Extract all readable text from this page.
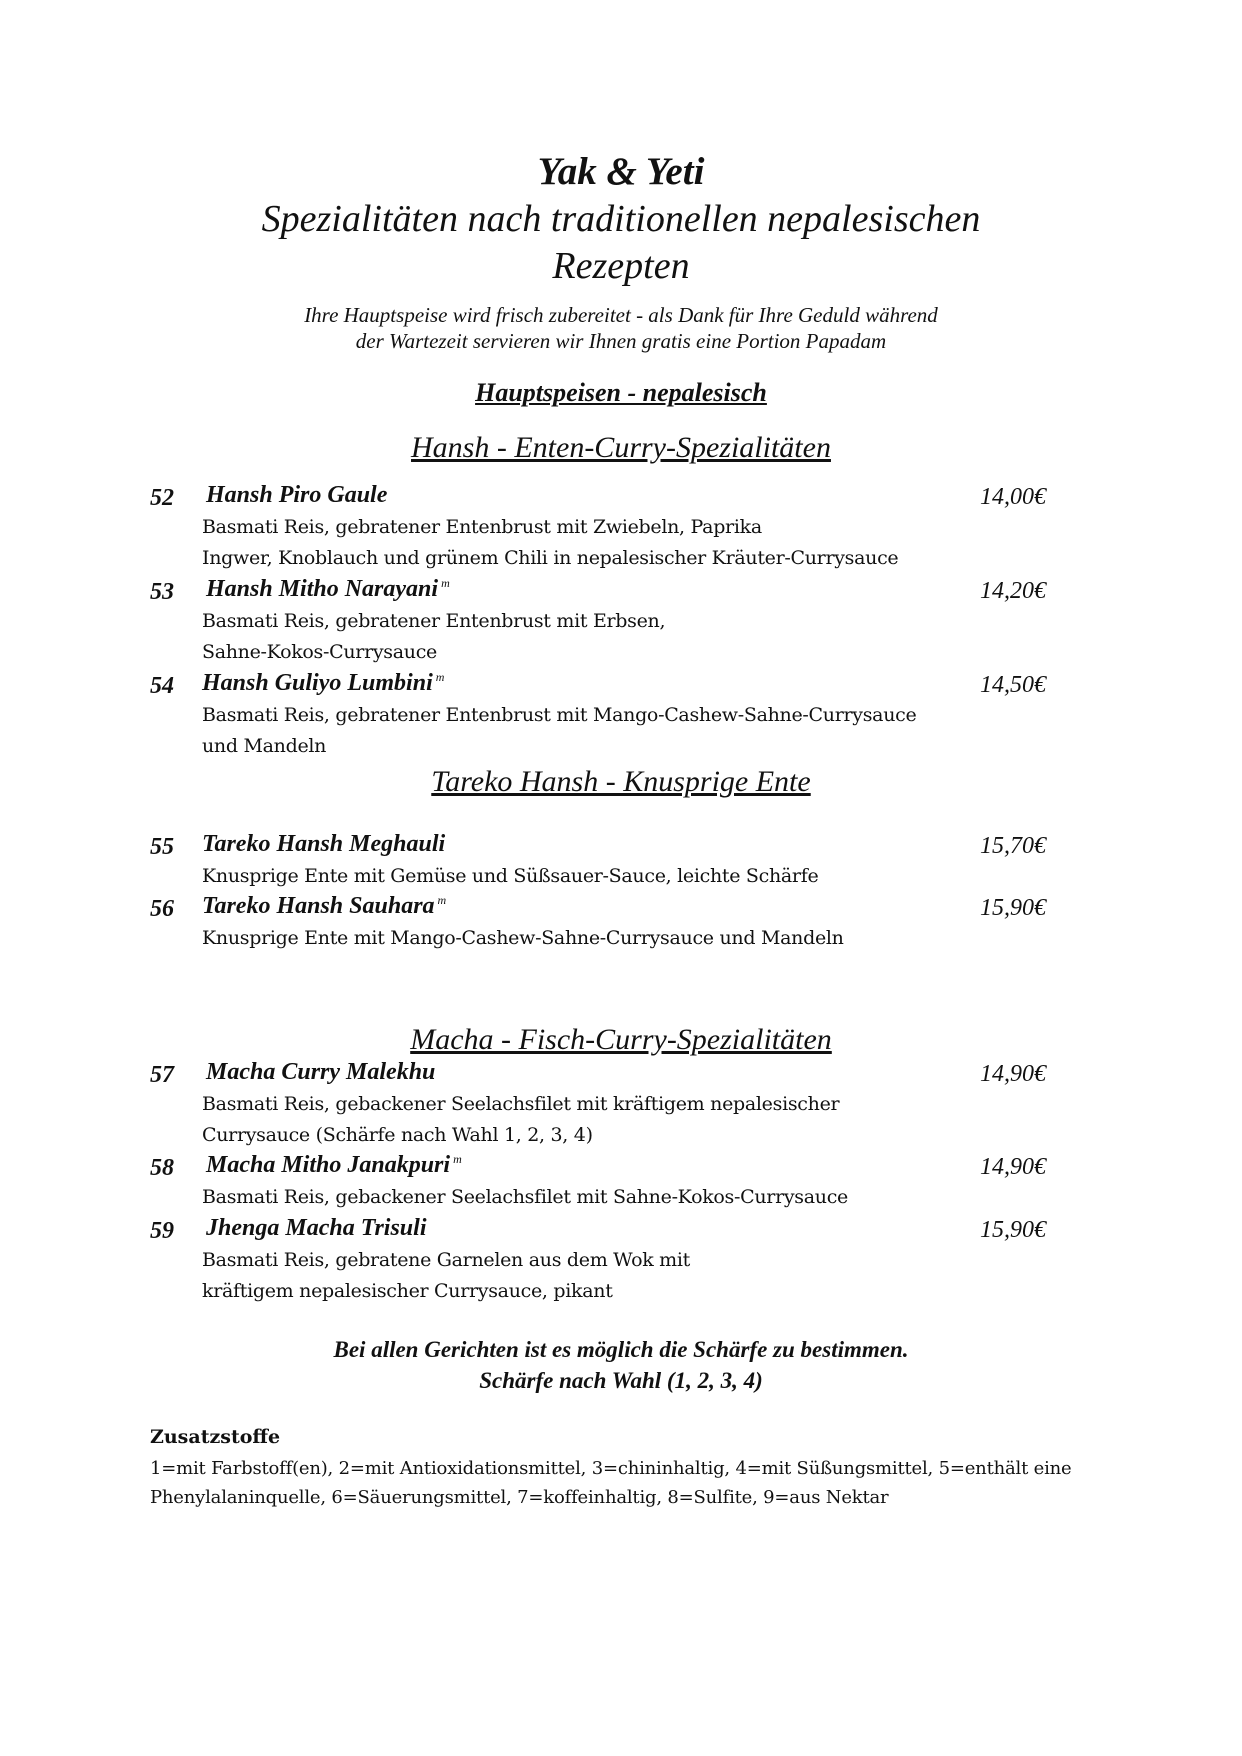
Yak & Yeti
Spezialitäten nach traditionellen nepalesischen
Rezepten
Ihre Hauptspeise wird frisch zubereitet - als Dank für Ihre Geduld während
der Wartezeit servieren wir Ihnen gratis eine Portion Papadam
Hauptspeisen - nepalesisch
Hansh - Enten-Curry-Spezialitäten
52 Hansh Piro Gaule	14,00€
Basmati Reis, gebratener Entenbrust mit Zwiebeln, Paprika
Ingwer, Knoblauch und grünem Chili in nepalesischer Kräuter-Currysauce
53 Hansh Mitho Narayani $^m$	14,20€
Basmati Reis, gebratener Entenbrust mit Erbsen,
Sahne-Kokos-Currysauce
54 Hansh Guliyo Lumbini $^m$	14,50€
Basmati Reis, gebratener Entenbrust mit Mango-Cashew-Sahne-Currysauce
und Mandeln
Tareko Hansh - Knusprige Ente
55 Tareko Hansh Meghauli	15,70€
Knusprige Ente mit Gemüse und Süßsauer-Sauce, leichte Schärfe
56 Tareko Hansh Sauhara $^m$	15,90€
Knusprige Ente mit Mango-Cashew-Sahne-Currysauce und Mandeln
Macha - Fisch-Curry-Spezialitäten
57 Macha Curry Malekhu	14,90€
Basmati Reis, gebackener Seelachsfilet mit kräftigem nepalesischer
Currysauce (Schärfe nach Wahl 1, 2, 3, 4)
58 Macha Mitho Janakpuri $^m$	14,90€
Basmati Reis, gebackener Seelachsfilet mit Sahne-Kokos-Currysauce
59 Jhenga Macha Trisuli	15,90€
Basmati Reis, gebratene Garnelen aus dem Wok mit
kräftigem nepalesischer Currysauce, pikant
Bei allen Gerichten ist es möglich die Schärfe zu bestimmen.
Schärfe nach Wahl (1, 2, 3, 4)
Zusatzstoffe
1=mit Farbstoff(en), 2=mit Antioxidationsmittel, 3=chininhaltig, 4=mit Süßungsmittel, 5=enthält eine
Phenylalaninquelle, 6=Säuerungsmittel, 7=koffeinhaltig, 8=Sulfite, 9=aus Nektar
